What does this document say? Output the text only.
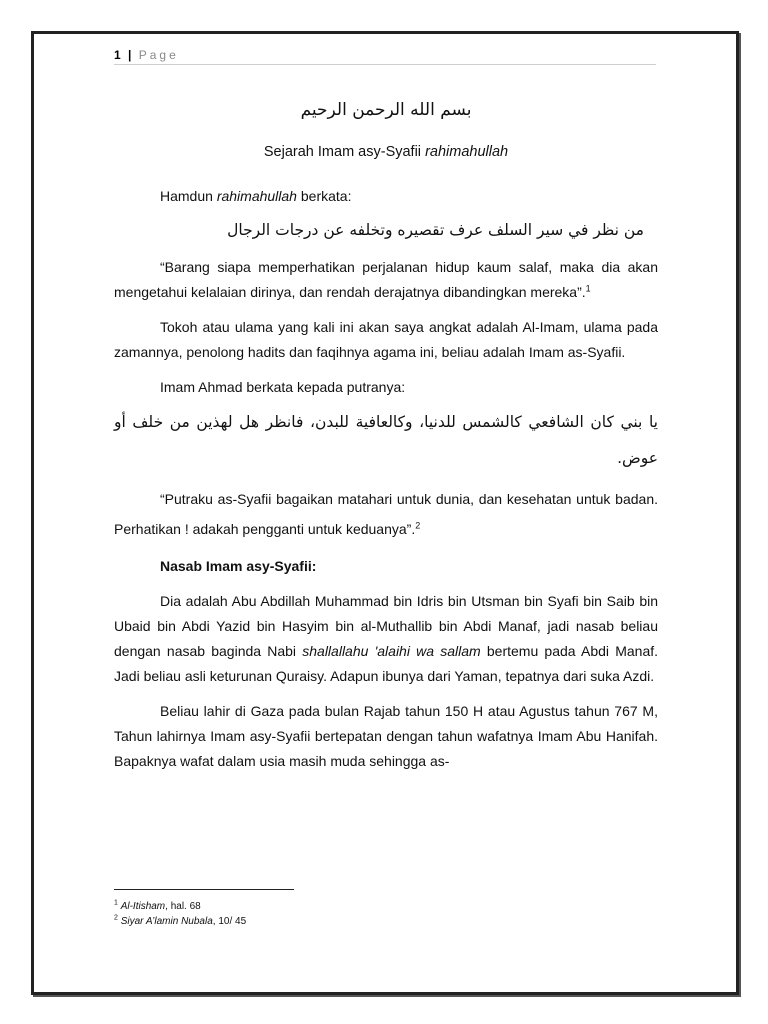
1 | Page

بسم الله الرحمن الرحيم

Sejarah Imam asy-Syafii rahimahullah

Hamdun rahimahullah berkata:

من نظر في سير السلف عرف تقصيره وتخلفه عن درجات الرجال

“Barang siapa memperhatikan perjalanan hidup kaum salaf, maka dia akan mengetahui kelalaian dirinya, dan rendah derajatnya dibandingkan mereka”.$^1$

Tokoh atau ulama yang kali ini akan saya angkat adalah Al-Imam, ulama pada zamannya, penolong hadits dan faqihnya agama ini, beliau adalah Imam as-Syafii.

Imam Ahmad berkata kepada putranya:

يا بني كان الشافعي كالشمس للدنيا، وكالعافية للبدن، فانظر هل لهذين من خلف أو عوض.

“Putraku as-Syafii bagaikan matahari untuk dunia, dan kesehatan untuk badan. Perhatikan ! adakah pengganti untuk keduanya”.$^2$

Nasab Imam asy-Syafii:

Dia adalah Abu Abdillah Muhammad bin Idris bin Utsman bin Syafi bin Saib bin Ubaid bin Abdi Yazid bin Hasyim bin al-Muthallib bin Abdi Manaf, jadi nasab beliau dengan nasab baginda Nabi shallallahu 'alaihi wa sallam bertemu pada Abdi Manaf. Jadi beliau asli keturunan Quraisy. Adapun ibunya dari Yaman, tepatnya dari suka Azdi.

Beliau lahir di Gaza pada bulan Rajab tahun 150 H atau Agustus tahun 767 M, Tahun lahirnya Imam asy-Syafii bertepatan dengan tahun wafatnya Imam Abu Hanifah. Bapaknya wafat dalam usia masih muda sehingga as-

$^1$ Al-Itisham, hal. 68
$^2$ Siyar A’lamin Nubala, 10/ 45
